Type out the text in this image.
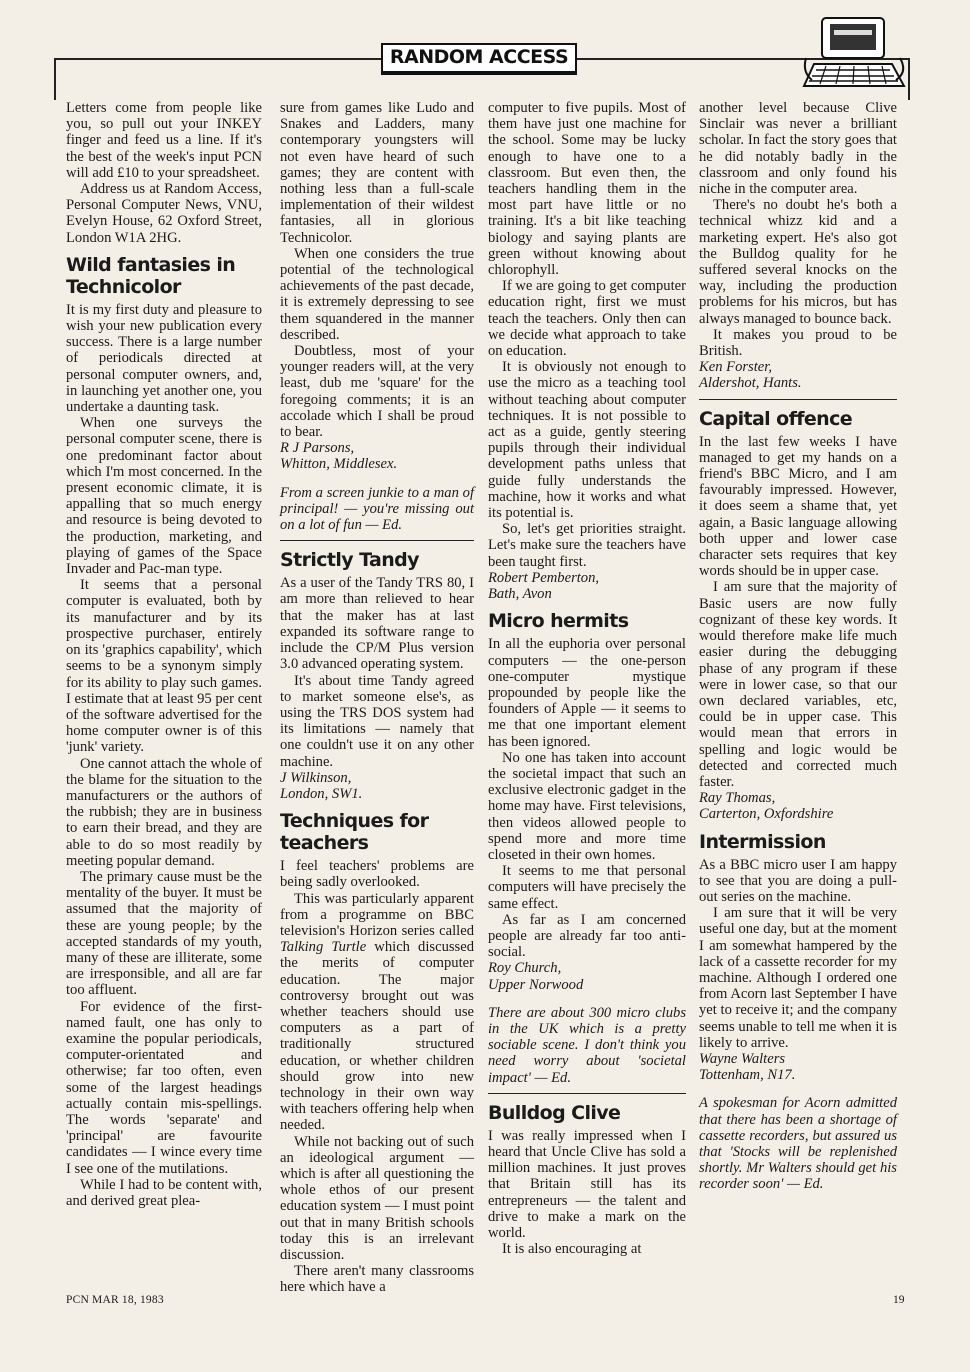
RANDOM ACCESS

Letters come from people like you, so pull out your INKEY finger and feed us a line. If it's the best of the week's input PCN will add £10 to your spreadsheet.

Address us at Random Access, Personal Computer News, VNU, Evelyn House, 62 Oxford Street, London W1A 2HG.

Wild fantasies in Technicolor

It is my first duty and pleasure to wish your new publication every success. There is a large number of periodicals directed at personal computer owners, and, in launching yet another one, you undertake a daunting task.

When one surveys the personal computer scene, there is one predominant factor about which I'm most concerned. In the present economic climate, it is appalling that so much energy and resource is being devoted to the production, marketing, and playing of games of the Space Invader and Pac-man type.

It seems that a personal computer is evaluated, both by its manufacturer and by its prospective purchaser, entirely on its 'graphics capability', which seems to be a synonym simply for its ability to play such games. I estimate that at least 95 per cent of the software advertised for the home computer owner is of this 'junk' variety.

One cannot attach the whole of the blame for the situation to the manufacturers or the authors of the rubbish; they are in business to earn their bread, and they are able to do so most readily by meeting popular demand.

The primary cause must be the mentality of the buyer. It must be assumed that the majority of these are young people; by the accepted standards of my youth, many of these are illiterate, some are irresponsible, and all are far too affluent.

For evidence of the first-named fault, one has only to examine the popular periodicals, computer-orientated and otherwise; far too often, even some of the largest headings actually contain mis-spellings. The words 'separate' and 'principal' are favourite candidates — I wince every time I see one of the mutilations.

While I had to be content with, and derived great plea-

sure from games like Ludo and Snakes and Ladders, many contemporary youngsters will not even have heard of such games; they are content with nothing less than a full-scale implementation of their wildest fantasies, all in glorious Technicolor.

When one considers the true potential of the technological achievements of the past decade, it is extremely depressing to see them squandered in the manner described.

Doubtless, most of your younger readers will, at the very least, dub me 'square' for the foregoing comments; it is an accolade which I shall be proud to bear.

R J Parsons,

Whitton, Middlesex.

From a screen junkie to a man of principal! — you're missing out on a lot of fun — Ed.

Strictly Tandy

As a user of the Tandy TRS 80, I am more than relieved to hear that the maker has at last expanded its software range to include the CP/M Plus version 3.0 advanced operating system.

It's about time Tandy agreed to market someone else's, as using the TRS DOS system had its limitations — namely that one couldn't use it on any other machine.

J Wilkinson,

London, SW1.

Techniques for teachers

I feel teachers' problems are being sadly overlooked.

This was particularly apparent from a programme on BBC television's Horizon series called Talking Turtle which discussed the merits of computer education. The major controversy brought out was whether teachers should use computers as a part of traditionally structured education, or whether children should grow into new technology in their own way with teachers offering help when needed.

While not backing out of such an ideological argument — which is after all questioning the whole ethos of our present education system — I must point out that in many British schools today this is an irrelevant discussion.

There aren't many classrooms here which have a

computer to five pupils. Most of them have just one machine for the school. Some may be lucky enough to have one to a classroom. But even then, the teachers handling them in the most part have little or no training. It's a bit like teaching biology and saying plants are green without knowing about chlorophyll.

If we are going to get computer education right, first we must teach the teachers. Only then can we decide what approach to take on education.

It is obviously not enough to use the micro as a teaching tool without teaching about computer techniques. It is not possible to act as a guide, gently steering pupils through their individual development paths unless that guide fully understands the machine, how it works and what its potential is.

So, let's get priorities straight. Let's make sure the teachers have been taught first.

Robert Pemberton,

Bath, Avon

Micro hermits

In all the euphoria over personal computers — the one-person one-computer mystique propounded by people like the founders of Apple — it seems to me that one important element has been ignored.

No one has taken into account the societal impact that such an exclusive electronic gadget in the home may have. First televisions, then videos allowed people to spend more and more time closeted in their own homes.

It seems to me that personal computers will have precisely the same effect.

As far as I am concerned people are already far too anti-social.

Roy Church,

Upper Norwood

There are about 300 micro clubs in the UK which is a pretty sociable scene. I don't think you need worry about 'societal impact' — Ed.

Bulldog Clive

I was really impressed when I heard that Uncle Clive has sold a million machines. It just proves that Britain still has its entrepreneurs — the talent and drive to make a mark on the world.

It is also encouraging at

another level because Clive Sinclair was never a brilliant scholar. In fact the story goes that he did notably badly in the classroom and only found his niche in the computer area.

There's no doubt he's both a technical whizz kid and a marketing expert. He's also got the Bulldog quality for he suffered several knocks on the way, including the production problems for his micros, but has always managed to bounce back.

It makes you proud to be British.

Ken Forster,

Aldershot, Hants.

Capital offence

In the last few weeks I have managed to get my hands on a friend's BBC Micro, and I am favourably impressed. However, it does seem a shame that, yet again, a Basic language allowing both upper and lower case character sets requires that key words should be in upper case.

I am sure that the majority of Basic users are now fully cognizant of these key words. It would therefore make life much easier during the debugging phase of any program if these were in lower case, so that our own declared variables, etc, could be in upper case. This would mean that errors in spelling and logic would be detected and corrected much faster.

Ray Thomas,

Carterton, Oxfordshire

Intermission

As a BBC micro user I am happy to see that you are doing a pull-out series on the machine.

I am sure that it will be very useful one day, but at the moment I am somewhat hampered by the lack of a cassette recorder for my machine. Although I ordered one from Acorn last September I have yet to receive it; and the company seems unable to tell me when it is likely to arrive.

Wayne Walters

Tottenham, N17.

A spokesman for Acorn admitted that there has been a shortage of cassette recorders, but assured us that 'Stocks will be replenished shortly. Mr Walters should get his recorder soon' — Ed.

PCN MAR 18, 1983	19
